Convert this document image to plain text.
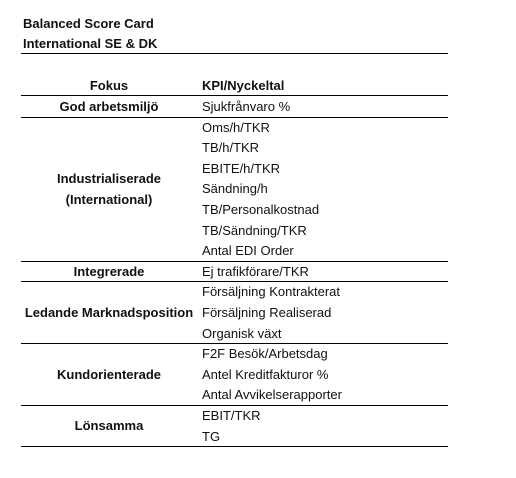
Balanced Score Card
International SE & DK
Fokus	KPI/Nyckeltal
Sjukfrånvaro %
God arbetsmiljö
Oms/h/TKR
TB/h/TKR
EBITE/h/TKR
Sändning/h
TB/Personalkostnad
TB/Sändning/TKR
Antal EDI Order
Industrialiserade
(International)
Ej trafikförare/TKR
Integrerade
Försäljning Kontrakterat
Försäljning Realiserad
Organisk växt
Ledande Marknadsposition
F2F Besök/Arbetsdag
Antel Kreditfakturor %
Antal Avvikelserapporter
Kundorienterade
EBIT/TKR
TG
Lönsamma
